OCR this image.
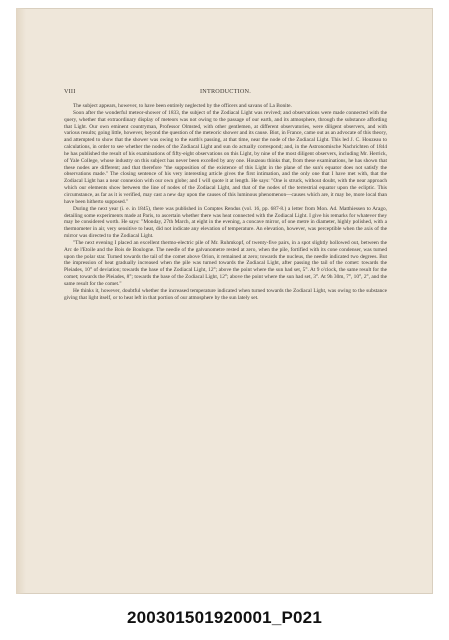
VIII	INTRODUCTION.

The subject appears, however, to have been entirely neglected by the officers and savans of La Bonite.

Soon after the wonderful meteor-shower of 1833, the subject of the Zodiacal Light was revived; and observations were made connected with the query, whether that extraordinary display of meteors was not owing to the passage of our earth, and its atmosphere, through the substance affording that Light. Our own eminent countryman, Professor Olmsted, with other gentlemen, at different observatories, were diligent observers, and with various results; going little, however, beyond the question of the meteoric shower and its cause. Biot, in France, came out as an advocate of this theory, and attempted to show that the shower was owing to the earth's passing, at that time, near the node of the Zodiacal Light. This led J. C. Houzeau to calculations, in order to see whether the nodes of the Zodiacal Light and sun do actually correspond; and, in the Astronomische Nachrichten of 1844 he has published the result of his examinations of fifty-eight observations on this Light, by nine of the most diligent observers, including Mr. Herrick, of Yale College, whose industry on this subject has never been excelled by any one. Houzeau thinks that, from these examinations, he has shown that these nodes are different; and that therefore "the supposition of the existence of this Light in the plane of the sun's equator does not satisfy the observations made." The closing sentence of his very interesting article gives the first intimation, and the only one that I have met with, that the Zodiacal Light has a near connexion with our own globe; and I will quote it at length. He says: "One is struck, without doubt, with the near approach which our elements show between the line of nodes of the Zodiacal Light, and that of the nodes of the terrestrial equator upon the ecliptic. This circumstance, as far as it is verified, may cast a new day upon the causes of this luminous phenomenon—causes which are, it may be, more local than have been hitherto supposed."

During the next year (i. e. in 1845), there was published in Comptes Rendus (vol. 16, pp. 687-8.) a letter from Mon. Ad. Matthiessen to Arago, detailing some experiments made at Paris, to ascertain whether there was heat connected with the Zodiacal Light. I give his remarks for whatever they may be considered worth. He says: "Monday, 27th March, at eight in the evening, a concave mirror, of one metre in diameter, highly polished, with a thermometer in air, very sensitive to heat, did not indicate any elevation of temperature. An elevation, however, was perceptible when the axis of the mirror was directed to the Zodiacal Light.

"The next evening I placed an excellent thermo-electric pile of Mr. Ruhmkopf, of twenty-five pairs, in a spot slightly hollowed out, between the Arc de l'Etoile and the Bois de Boulogne. The needle of the galvanometre rested at zero, when the pile, fortified with its cone condenser, was turned upon the polar star. Turned towards the tail of the comet above Orion, it remained at zero; towards the nucleus, the needle indicated two degrees. But the impression of heat gradually increased when the pile was turned towards the Zodiacal Light, after passing the tail of the comet: towards the Pleiades, 10° of deviation; towards the base of the Zodiacal Light, 12°; above the point where the sun had set, 5°. At 9 o'clock, the same result for the comet; towards the Pleiades, 8°; towards the base of the Zodiacal Light, 12°; above the point where the sun had set, 3°. At 9h 30m, 7°, 10°, 2°, and the same result for the comet."

He thinks it, however, doubtful whether the increased temperature indicated when turned towards the Zodiacal Light, was owing to the substance giving that light itself, or to heat left in that portion of our atmosphere by the sun lately set.

200301501920001_P021
